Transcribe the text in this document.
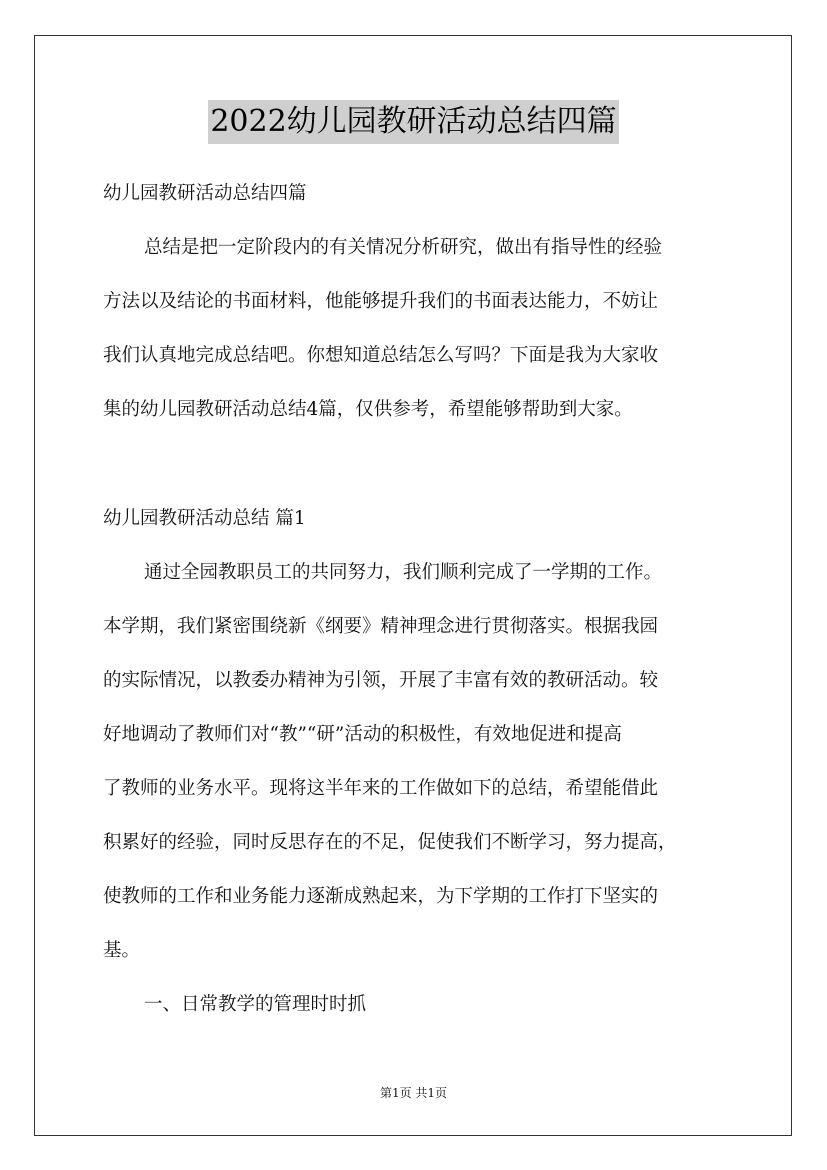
2022幼儿园教研活动总结四篇
幼儿园教研活动总结四篇
总结是把一定阶段内的有关情况分析研究，做出有指导性的经验
方法以及结论的书面材料，他能够提升我们的书面表达能力，不妨让
我们认真地完成总结吧。你想知道总结怎么写吗？下面是我为大家收
集的幼儿园教研活动总结4篇，仅供参考，希望能够帮助到大家。
幼儿园教研活动总结 篇1
通过全园教职员工的共同努力，我们顺利完成了一学期的工作。
本学期，我们紧密围绕新《纲要》精神理念进行贯彻落实。根据我园
的实际情况，以教委办精神为引领，开展了丰富有效的教研活动。较
好地调动了教师们对“教”“研”活动的积极性，有效地促进和提高
了教师的业务水平。现将这半年来的工作做如下的总结，希望能借此
积累好的经验，同时反思存在的不足，促使我们不断学习，努力提高，
使教师的工作和业务能力逐渐成熟起来，为下学期的工作打下坚实的
基。
一、日常教学的管理时时抓
第1页 共1页
